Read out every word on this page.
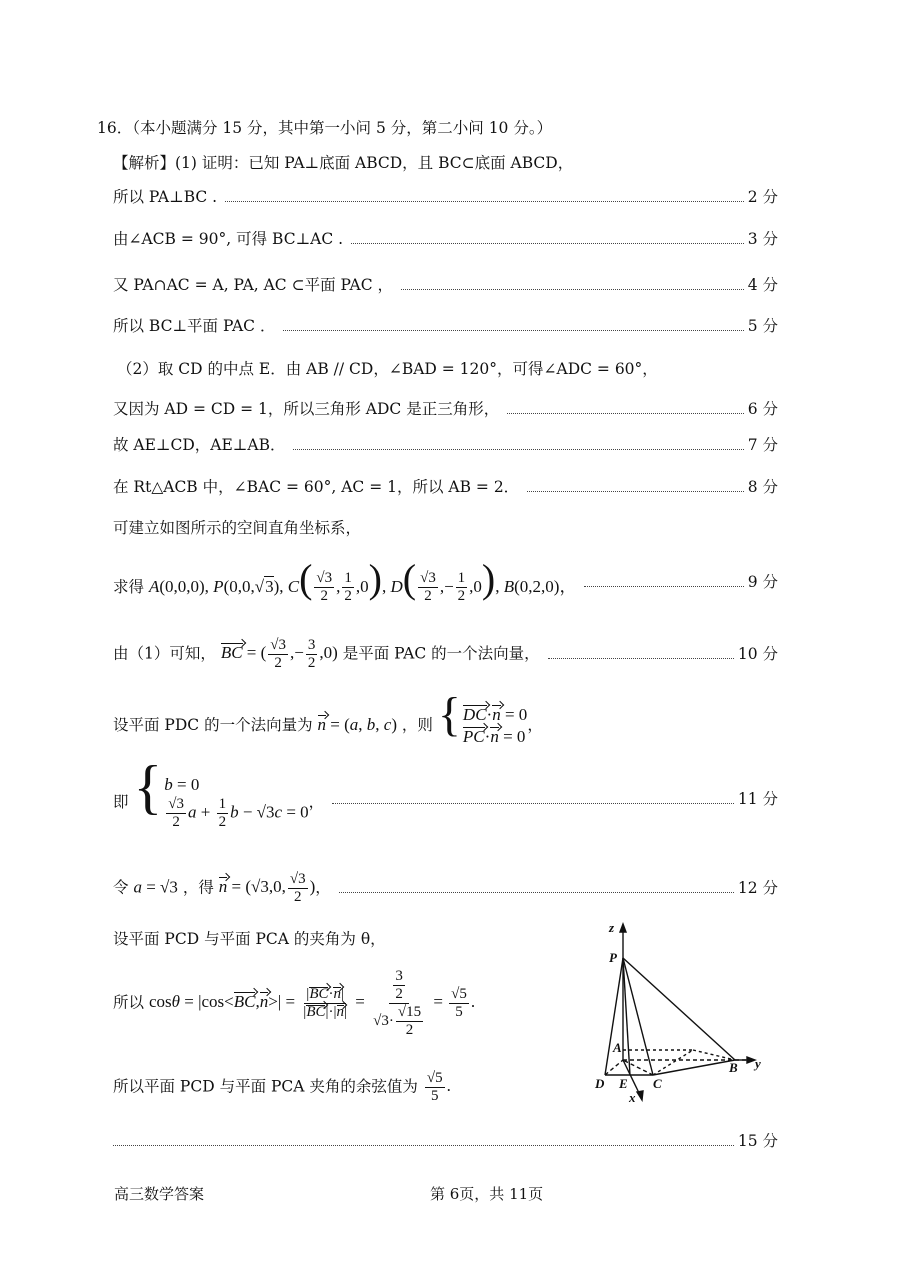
16．（本小题满分 15 分，其中第一小问 5 分，第二小问 10 分。）
【解析】(1) 证明：已知 PA⊥底面 ABCD，且 BC⊂底面 ABCD，
所以 PA⊥BC .	2 分
由∠ACB = 90°, 可得 BC⊥AC .	3 分
又 PA∩AC = A, PA, AC ⊂平面 PAC ，	4 分
所以 BC⊥平面 PAC ．	5 分
（2）取 CD 的中点 E．由 AB // CD，∠BAD = 120°，可得∠ADC = 60°，
又因为 AD = CD = 1，所以三角形 ADC 是正三角形，	6 分
故 AE⊥CD，AE⊥AB．	7 分
在 Rt△ACB 中，∠BAC = 60°, AC = 1，所以 AB = 2．	8 分
可建立如图所示的空间直角坐标系，
求得 A(0,0,0), P(0,0,√3), $C( \frac{√3}{2}$ , $\frac{1}{2} ,0$), $D( \frac{√3}{2}$ ,− $\frac{1}{2} ,0$), B(0,2,0)，	9 分
由（1）可知， BC = ( $\frac{√3}{2}$ ,− $\frac{3}{2} ,0$) 是平面 PAC 的一个法向量，	10 分
设平面 PDC 的一个法向量为 n = (a, b, c) ，则 { DC·n = 0
PC·n = 0
，
即 { b = 0
$\frac{√3}{2}$ $a + \frac{1}{2}$ b − √3c = 0
，	11 分
令 a = √3 ，得 n = (√3,0, $\frac{√3}{2}$ )，	12 分
设平面 PCD 与平面 PCA 的夹角为 θ，
所以 $\cos\theta = |\cos<BC,n>| = \frac{|BC\cdot n|}{|BC|\cdot|n|} = \frac{\frac{3}{2}}{√3\cdot \frac{√15}{2}} = \frac{√5}{5}$ .
所以平面 PCD 与平面 PCA 夹角的余弦值为 $\frac{√5}{5}$ .
15 分
z
P
A
D E C
B y
x
高三数学答案	第 6页，共 11页
